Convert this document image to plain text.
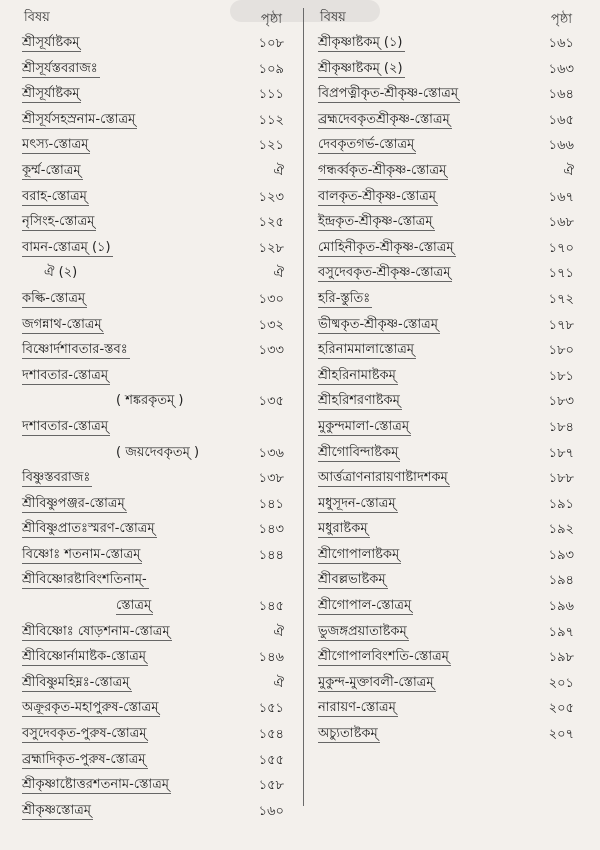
বিষয়	পৃষ্ঠা
শ্রীসূর্যাষ্টকম্	১০৮
শ্রীসূর্যস্তবরাজঃ	১০৯
শ্রীসূর্যাষ্টকম্	১১১
শ্রীসূর্যসহস্রনাম-স্তোত্রম্	১১২
মৎস্য-স্তোত্রম্	১২১
কূর্ম্ম-স্তোত্রম্	ঐ
বরাহ-স্তোত্রম্	১২৩
নৃসিংহ-স্তোত্রম্	১২৫
বামন-স্তোত্রম্ (১)	১২৮
ঐ (২)	ঐ
কল্কি-স্তোত্রম্	১৩০
জগন্নাথ-স্তোত্রম্	১৩২
বিষ্ণোর্দশাবতার-স্তবঃ	১৩৩
দশাবতার-স্তোত্রম্
( শঙ্করকৃতম্ )	১৩৫
দশাবতার-স্তোত্রম্
( জয়দেবকৃতম্ )	১৩৬
বিষ্ণুস্তবরাজঃ	১৩৮
শ্রীবিষ্ণুপঞ্জর-স্তোত্রম্	১৪১
শ্রীবিষ্ণুপ্রাতঃস্মরণ-স্তোত্রম্	১৪৩
বিষ্ণোঃ শতনাম-স্তোত্রম্	১৪৪
শ্রীবিষ্ণোরষ্টাবিংশতিনাম্-
স্তোত্রম্	১৪৫
শ্রীবিষ্ণোঃ ষোড়শনাম-স্তোত্রম্	ঐ
শ্রীবিষ্ণোর্নামাষ্টক-স্তোত্রম্	১৪৬
শ্রীবিষ্ণুমহিম্নঃ-স্তোত্রম্	ঐ
অক্রূরকৃত-মহাপুরুষ-স্তোত্রম্	১৫১
বসুদেবকৃত-পুরুষ-স্তোত্রম্	১৫৪
ব্রহ্মাদিকৃত-পুরুষ-স্তোত্রম্	১৫৫
শ্রীকৃষ্ণাষ্টোত্তরশতনাম-স্তোত্রম্	১৫৮
শ্রীকৃষ্ণস্তোত্রম্	১৬০
বিষয়	পৃষ্ঠা
শ্রীকৃষ্ণাষ্টকম্ (১)	১৬১
শ্রীকৃষ্ণাষ্টকম্ (২)	১৬৩
বিপ্রপত্নীকৃত-শ্রীকৃষ্ণ-স্তোত্রম্	১৬৪
ব্রহ্মদেবকৃতশ্রীকৃষ্ণ-স্তোত্রম্	১৬৫
দেবকৃতগর্ভ-স্তোত্রম্	১৬৬
গন্ধর্ব্বকৃত-শ্রীকৃষ্ণ-স্তোত্রম্	ঐ
বালকৃত-শ্রীকৃষ্ণ-স্তোত্রম্	১৬৭
ইন্দ্রকৃত-শ্রীকৃষ্ণ-স্তোত্রম্	১৬৮
মোহিনীকৃত-শ্রীকৃষ্ণ-স্তোত্রম্	১৭০
বসুদেবকৃত-শ্রীকৃষ্ণ-স্তোত্রম্	১৭১
হরি-স্তুতিঃ	১৭২
ভীষ্মকৃত-শ্রীকৃষ্ণ-স্তোত্রম্	১৭৮
হরিনামমালাস্তোত্রম্	১৮০
শ্রীহরিনামাষ্টকম্	১৮১
শ্রীহরিশরণাষ্টকম্	১৮৩
মুকুন্দমালা-স্তোত্রম্	১৮৪
শ্রীগোবিন্দাষ্টকম্	১৮৭
আর্ত্তত্রাণনারায়ণাষ্টাদশকম্	১৮৮
মধুসূদন-স্তোত্রম্	১৯১
মধুরাষ্টকম্	১৯২
শ্রীগোপালাষ্টকম্	১৯৩
শ্রীবল্লভাষ্টকম্	১৯৪
শ্রীগোপাল-স্তোত্রম্	১৯৬
ভুজঙ্গপ্রয়াতাষ্টকম্	১৯৭
শ্রীগোপালবিংশতি-স্তোত্রম্	১৯৮
মুকুন্দ-মুক্তাবলী-স্তোত্রম্	২০১
নারায়ণ-স্তোত্রম্	২০৫
অচ্যুতাষ্টকম্	২০৭
